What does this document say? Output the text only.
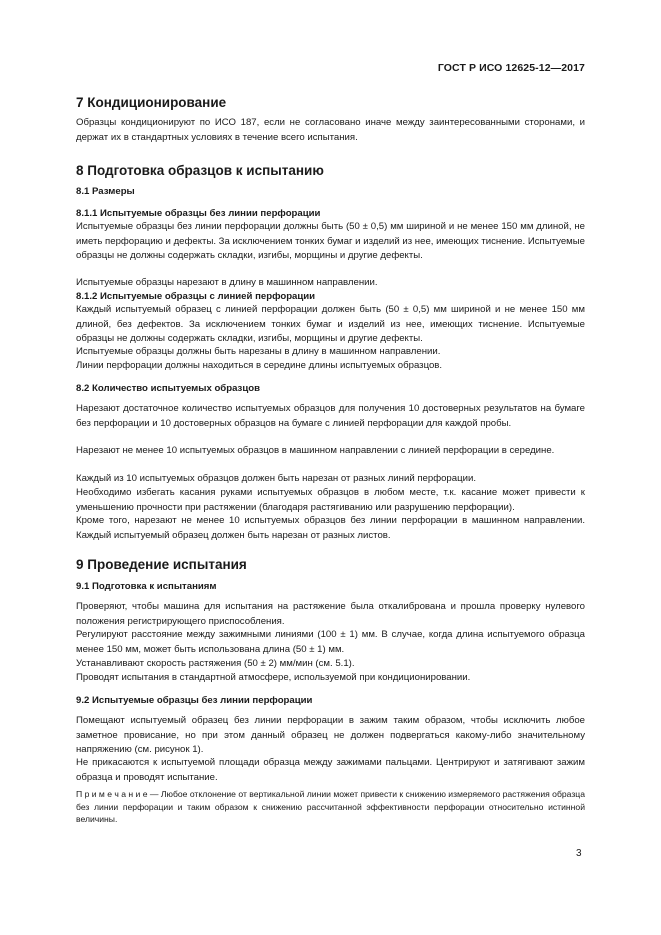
ГОСТ Р ИСО 12625-12—2017
7 Кондиционирование

Образцы кондиционируют по ИСО 187, если не согласовано иначе между заинтересованными сторонами, и держат их в стандартных условиях в течение всего испытания.

8 Подготовка образцов к испытанию
8.1 Размеры
8.1.1 Испытуемые образцы без линии перфорации

Испытуемые образцы без линии перфорации должны быть (50 ± 0,5) мм шириной и не менее 150 мм длиной, не иметь перфорацию и дефекты. За исключением тонких бумаг и изделий из нее, имеющих тиснение. Испытуемые образцы не должны содержать складки, изгибы, морщины и другие дефекты.

Испытуемые образцы нарезают в длину в машинном направлении.

8.1.2 Испытуемые образцы с линией перфорации

Каждый испытуемый образец с линией перфорации должен быть (50 ± 0,5) мм шириной и не менее 150 мм длиной, без дефектов. За исключением тонких бумаг и изделий из нее, имеющих тиснение. Испытуемые образцы не должны содержать складки, изгибы, морщины и другие дефекты.

Испытуемые образцы должны быть нарезаны в длину в машинном направлении.

Линии перфорации должны находиться в середине длины испытуемых образцов.

8.2 Количество испытуемых образцов

Нарезают достаточное количество испытуемых образцов для получения 10 достоверных результатов на бумаге без перфорации и 10 достоверных образцов на бумаге с линией перфорации для каждой пробы.

Нарезают не менее 10 испытуемых образцов в машинном направлении с линией перфорации в середине.

Каждый из 10 испытуемых образцов должен быть нарезан от разных линий перфорации.

Необходимо избегать касания руками испытуемых образцов в любом месте, т.к. касание может привести к уменьшению прочности при растяжении (благодаря растягиванию или разрушению перфорации).

Кроме того, нарезают не менее 10 испытуемых образцов без линии перфорации в машинном направлении. Каждый испытуемый образец должен быть нарезан от разных листов.

9 Проведение испытания
9.1 Подготовка к испытаниям

Проверяют, чтобы машина для испытания на растяжение была откалиброванa и прошла проверку нулевого положения регистрирующего приспособления.

Регулируют расстояние между зажимными линиями (100 ± 1) мм. В случае, когда длина испытуемого образца менее 150 мм, может быть использована длина (50 ± 1) мм.

Устанавливают скорость растяжения (50 ± 2) мм/мин (см. 5.1).

Проводят испытания в стандартной атмосфере, используемой при кондиционировании.

9.2 Испытуемые образцы без линии перфорации

Помещают испытуемый образец без линии перфорации в зажим таким образом, чтобы исключить любое заметное провисание, но при этом данный образец не должен подвергаться какому-либо значительному напряжению (см. рисунок 1).

Не прикасаются к испытуемой площади образца между зажимами пальцами. Центрируют и затягивают зажим образца и проводят испытание.

П р и м е ч а н и е — Любое отклонение от вертикальной линии может привести к снижению измеряемого растяжения образца без линии перфорации и таким образом к снижению рассчитанной эффективности перфорации относительно истинной величины.

3
